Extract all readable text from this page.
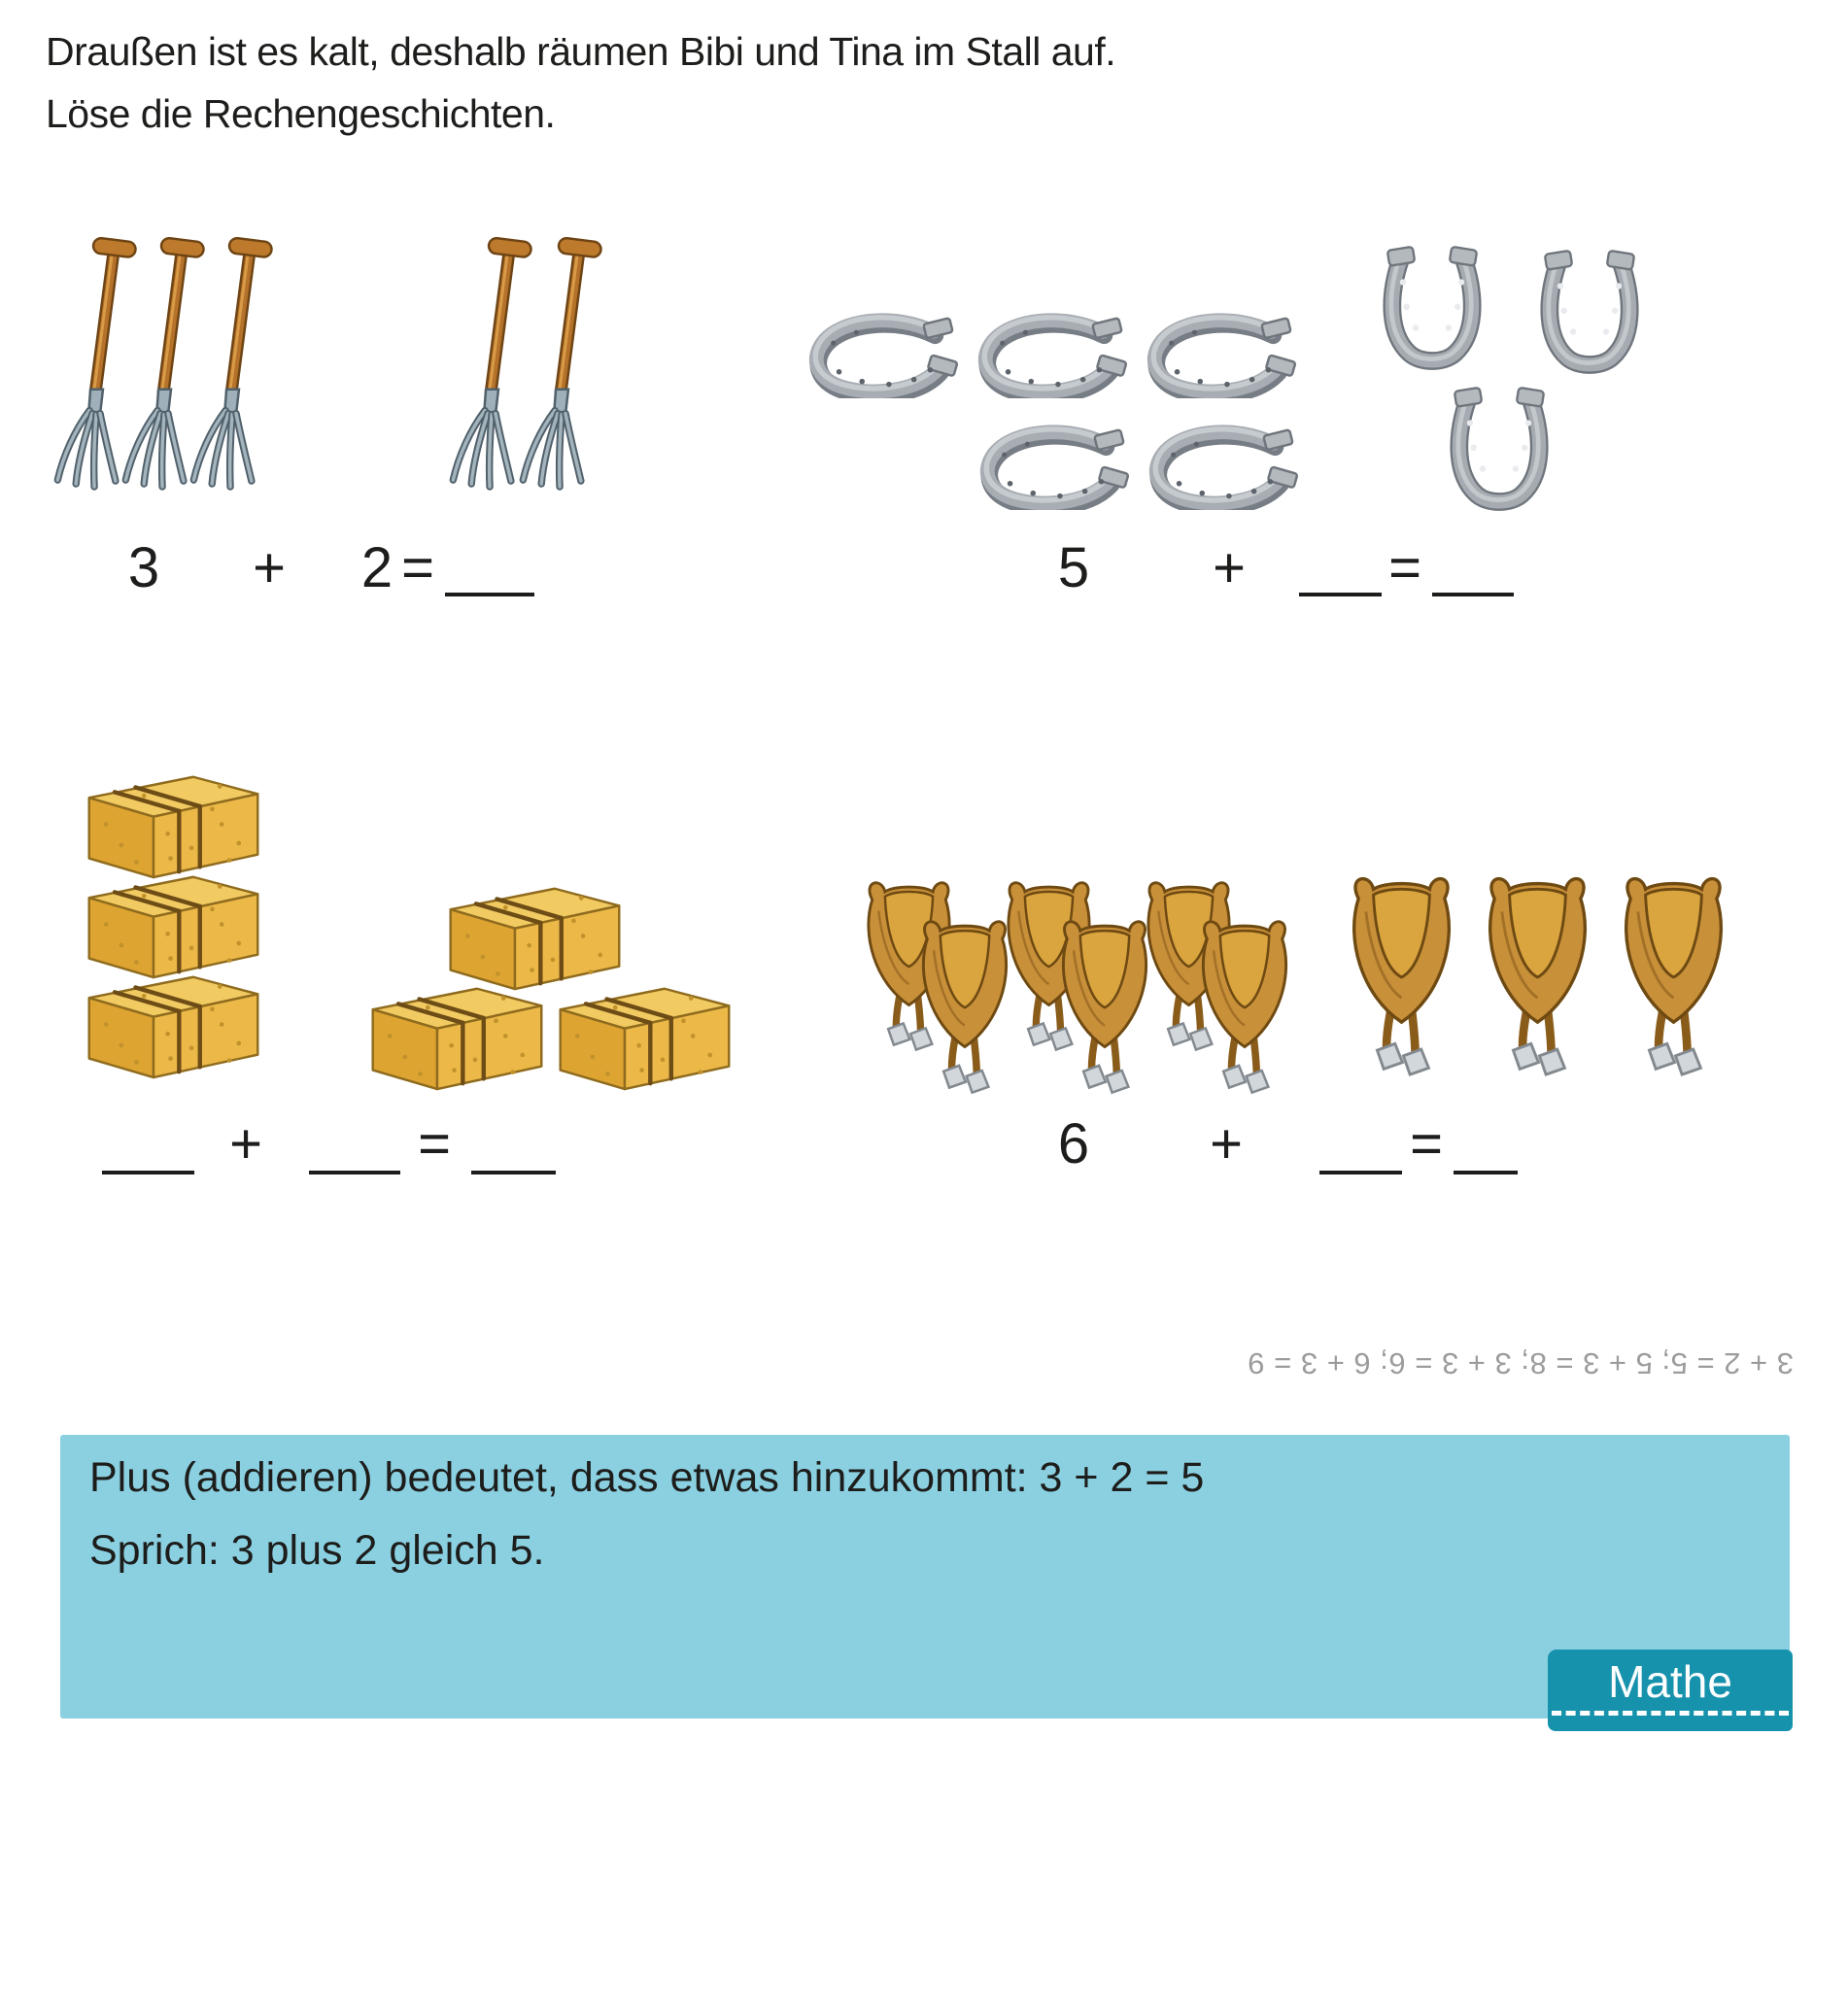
Draußen ist es kalt, deshalb räumen Bibi und Tina im Stall auf.
Löse die Rechengeschichten.
3 + 2 =	5 +	=
+	=	6 +	=
3 + 2 = 5; 5 + 3 = 8; 3 + 3 = 6; 6 + 3 = 9
Plus (addieren) bedeutet, dass etwas hinzukommt: 3 + 2 = 5
Sprich: 3 plus 2 gleich 5.
Mathe
